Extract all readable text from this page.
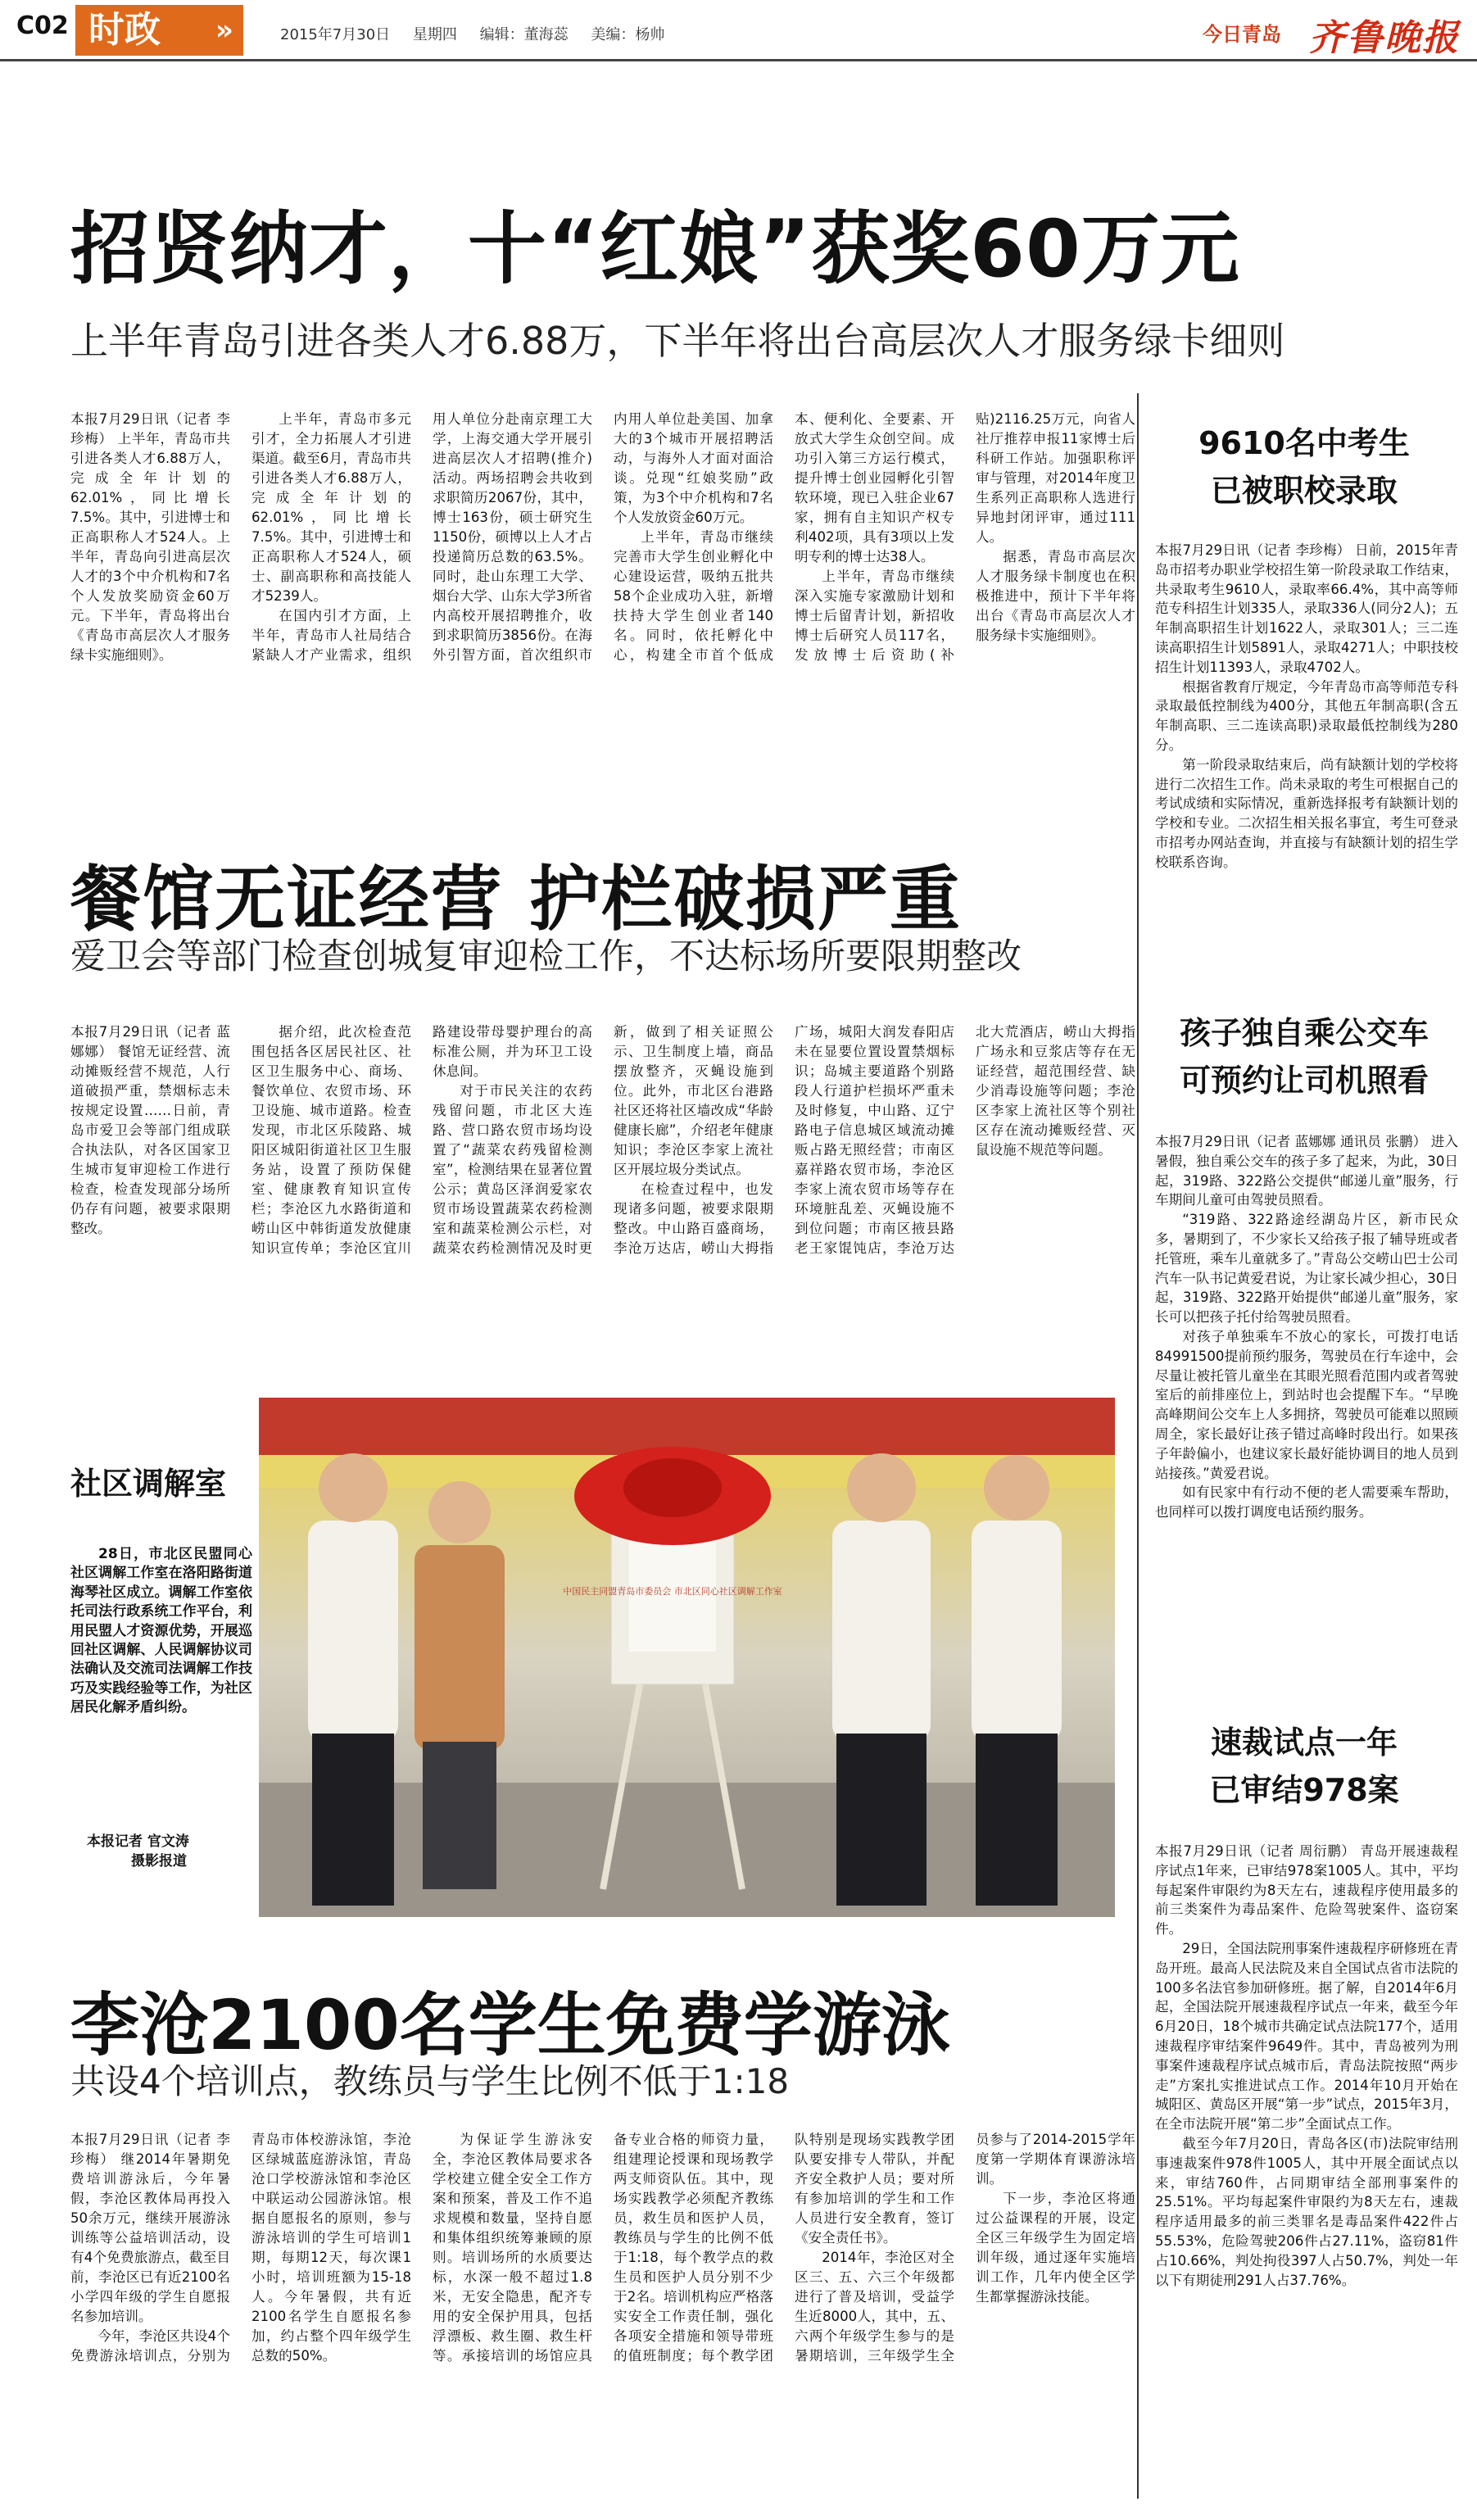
C02 时政 »	2015年7月30日 星期四 编辑：董海蕊 美编：杨帅	今日青岛 齐鲁晚报
招贤纳才，十“红娘”获奖60万元
上半年青岛引进各类人才6.88万，下半年将出台高层次人才服务绿卡细则

本报7月29日讯（记者 李珍梅） 上半年，青岛市共引进各类人才6.88万人，完成全年计划的62.01%，同比增长7.5%。其中，引进博士和正高职称人才524人。上半年，青岛向引进高层次人才的3个中介机构和7名个人发放奖励资金60万元。下半年，青岛将出台《青岛市高层次人才服务绿卡实施细则》。

上半年，青岛市多元引才，全力拓展人才引进渠道。截至6月，青岛市共引进各类人才6.88万人，完成全年计划的62.01%，同比增长7.5%。其中，引进博士和正高职称人才524人，硕士、副高职称和高技能人才5239人。

在国内引才方面，上半年，青岛市人社局结合紧缺人才产业需求，组织用人单位分赴南京理工大学，上海交通大学开展引进高层次人才招聘(推介)活动。两场招聘会共收到求职简历2067份，其中，博士163份，硕士研究生1150份，硕博以上人才占投递简历总数的63.5%。同时，赴山东理工大学、烟台大学、山东大学3所省内高校开展招聘推介，收到求职简历3856份。在海外引智方面，首次组织市内用人单位赴美国、加拿大的3个城市开展招聘活动，与海外人才面对面洽谈。兑现“红娘奖励”政策，为3个中介机构和7名个人发放资金60万元。

上半年，青岛市继续完善市大学生创业孵化中心建设运营，吸纳五批共58个企业成功入驻，新增扶持大学生创业者140名。同时，依托孵化中心，构建全市首个低成本、便利化、全要素、开放式大学生众创空间。成功引入第三方运行模式，提升博士创业园孵化引智软环境，现已入驻企业67家，拥有自主知识产权专利402项，具有3项以上发明专利的博士达38人。

上半年，青岛市继续深入实施专家激励计划和博士后留青计划，新招收博士后研究人员117名，发放博士后资助(补贴)2116.25万元，向省人社厅推荐申报11家博士后科研工作站。加强职称评审与管理，对2014年度卫生系列正高职称人选进行异地封闭评审，通过111人。

据悉，青岛市高层次人才服务绿卡制度也在积极推进中，预计下半年将出台《青岛市高层次人才服务绿卡实施细则》。

餐馆无证经营 护栏破损严重
爱卫会等部门检查创城复审迎检工作，不达标场所要限期整改

本报7月29日讯（记者 蓝娜娜） 餐馆无证经营、流动摊贩经营不规范，人行道破损严重，禁烟标志未按规定设置……日前，青岛市爱卫会等部门组成联合执法队，对各区国家卫生城市复审迎检工作进行检查，检查发现部分场所仍存有问题，被要求限期整改。

据介绍，此次检查范围包括各区居民社区、社区卫生服务中心、商场、餐饮单位、农贸市场、环卫设施、城市道路。检查发现，市北区乐陵路、城阳区城阳街道社区卫生服务站，设置了预防保健室、健康教育知识宣传栏；李沧区九水路街道和崂山区中韩街道发放健康知识宣传单；李沧区宜川路建设带母婴护理台的高标准公厕，并为环卫工设休息间。

对于市民关注的农药残留问题，市北区大连路、营口路农贸市场均设置了“蔬菜农药残留检测室”，检测结果在显著位置公示；黄岛区泽润爱家农贸市场设置蔬菜农药检测室和蔬菜检测公示栏，对蔬菜农药检测情况及时更新，做到了相关证照公示、卫生制度上墙，商品摆放整齐，灭蝇设施到位。此外，市北区台港路社区还将社区墙改成“华龄健康长廊”，介绍老年健康知识；李沧区李家上流社区开展垃圾分类试点。

在检查过程中，也发现诸多问题，被要求限期整改。中山路百盛商场，李沧万达店，崂山大拇指广场，城阳大润发春阳店未在显要位置设置禁烟标识；岛城主要道路个别路段人行道护栏损坏严重未及时修复，中山路、辽宁路电子信息城区域流动摊贩占路无照经营；市南区嘉祥路农贸市场，李沧区李家上流农贸市场等存在环境脏乱差、灭蝇设施不到位问题；市南区掖县路老王家馄饨店，李沧万达北大荒酒店，崂山大拇指广场永和豆浆店等存在无证经营，超范围经营、缺少消毒设施等问题；李沧区李家上流社区等个别社区存在流动摊贩经营、灭鼠设施不规范等问题。

社区调解室

28日，市北区民盟同心社区调解工作室在洛阳路街道海琴社区成立。调解工作室依托司法行政系统工作平台，利用民盟人才资源优势，开展巡回社区调解、人民调解协议司法确认及交流司法调解工作技巧及实践经验等工作，为社区居民化解矛盾纠纷。

本报记者 官文涛
摄影报道
中国民主同盟青岛市委员会 市北区同心社区调解工作室
李沧2100名学生免费学游泳
共设4个培训点，教练员与学生比例不低于1:18

本报7月29日讯（记者 李珍梅） 继2014年暑期免费培训游泳后，今年暑假，李沧区教体局再投入50余万元，继续开展游泳训练等公益培训活动，设有4个免费旅游点，截至目前，李沧区已有近2100名小学四年级的学生自愿报名参加培训。

今年，李沧区共设4个免费游泳培训点，分别为青岛市体校游泳馆，李沧区绿城蓝庭游泳馆，青岛沧口学校游泳馆和李沧区中联运动公园游泳馆。根据自愿报名的原则，参与游泳培训的学生可培训1期，每期12天，每次课1小时，培训班额为15-18人。今年暑假，共有近2100名学生自愿报名参加，约占整个四年级学生总数的50%。

为保证学生游泳安全，李沧区教体局要求各学校建立健全安全工作方案和预案，普及工作不追求规模和数量，坚持自愿和集体组织统筹兼顾的原则。培训场所的水质要达标，水深一般不超过1.8米，无安全隐患，配齐专用的安全保护用具，包括浮漂板、救生圈、救生杆等。承接培训的场馆应具备专业合格的师资力量，组建理论授课和现场教学两支师资队伍。其中，现场实践教学必须配齐教练员，救生员和医护人员，教练员与学生的比例不低于1:18，每个教学点的救生员和医护人员分别不少于2名。培训机构应严格落实安全工作责任制，强化各项安全措施和领导带班的值班制度；每个教学团队特别是现场实践教学团队要安排专人带队，并配齐安全救护人员；要对所有参加培训的学生和工作人员进行安全教育，签订《安全责任书》。

2014年，李沧区对全区三、五、六三个年级都进行了普及培训，受益学生近8000人，其中，五、六两个年级学生参与的是暑期培训，三年级学生全员参与了2014-2015学年度第一学期体育课游泳培训。

下一步，李沧区将通过公益课程的开展，设定全区三年级学生为固定培训年级，通过逐年实施培训工作，几年内使全区学生都掌握游泳技能。

9610名中考生
已被职校录取

本报7月29日讯（记者 李珍梅） 日前，2015年青岛市招考办职业学校招生第一阶段录取工作结束，共录取考生9610人，录取率66.4%，其中高等师范专科招生计划335人，录取336人(同分2人)；五年制高职招生计划1622人，录取301人；三二连读高职招生计划5891人，录取4271人；中职技校招生计划11393人，录取4702人。

根据省教育厅规定，今年青岛市高等师范专科录取最低控制线为400分，其他五年制高职(含五年制高职、三二连读高职)录取最低控制线为280分。

第一阶段录取结束后，尚有缺额计划的学校将进行二次招生工作。尚未录取的考生可根据自己的考试成绩和实际情况，重新选择报考有缺额计划的学校和专业。二次招生相关报名事宜，考生可登录市招考办网站查询，并直接与有缺额计划的招生学校联系咨询。

孩子独自乘公交车
可预约让司机照看

本报7月29日讯（记者 蓝娜娜 通讯员 张鹏） 进入暑假，独自乘公交车的孩子多了起来，为此，30日起，319路、322路公交提供“邮递儿童”服务，行车期间儿童可由驾驶员照看。

“319路、322路途经湖岛片区，新市民众多，暑期到了，不少家长又给孩子报了辅导班或者托管班，乘车儿童就多了。”青岛公交崂山巴士公司汽车一队书记黄爱君说，为让家长减少担心，30日起，319路、322路开始提供“邮递儿童”服务，家长可以把孩子托付给驾驶员照看。

对孩子单独乘车不放心的家长，可拨打电话84991500提前预约服务，驾驶员在行车途中，会尽量让被托管儿童坐在其眼光照看范围内或者驾驶室后的前排座位上，到站时也会提醒下车。“早晚高峰期间公交车上人多拥挤，驾驶员可能难以照顾周全，家长最好让孩子错过高峰时段出行。如果孩子年龄偏小，也建议家长最好能协调目的地人员到站接孩。”黄爱君说。

如有民家中有行动不便的老人需要乘车帮助，也同样可以拨打调度电话预约服务。

速裁试点一年
已审结978案

本报7月29日讯（记者 周衍鹏） 青岛开展速裁程序试点1年来，已审结978案1005人。其中，平均每起案件审限约为8天左右，速裁程序使用最多的前三类案件为毒品案件、危险驾驶案件、盗窃案件。

29日，全国法院刑事案件速裁程序研修班在青岛开班。最高人民法院及来自全国试点省市法院的100多名法官参加研修班。据了解，自2014年6月起，全国法院开展速裁程序试点一年来，截至今年6月20日，18个城市共确定试点法院177个，适用速裁程序审结案件9649件。其中，青岛被列为刑事案件速裁程序试点城市后，青岛法院按照“两步走”方案扎实推进试点工作。2014年10月开始在城阳区、黄岛区开展“第一步”试点，2015年3月，在全市法院开展“第二步”全面试点工作。

截至今年7月20日，青岛各区(市)法院审结刑事速裁案件978件1005人，其中开展全面试点以来，审结760件，占同期审结全部刑事案件的25.51%。平均每起案件审限约为8天左右，速裁程序适用最多的前三类罪名是毒品案件422件占55.53%，危险驾驶206件占27.11%，盗窃81件占10.66%，判处拘役397人占50.7%，判处一年以下有期徒刑291人占37.76%。
